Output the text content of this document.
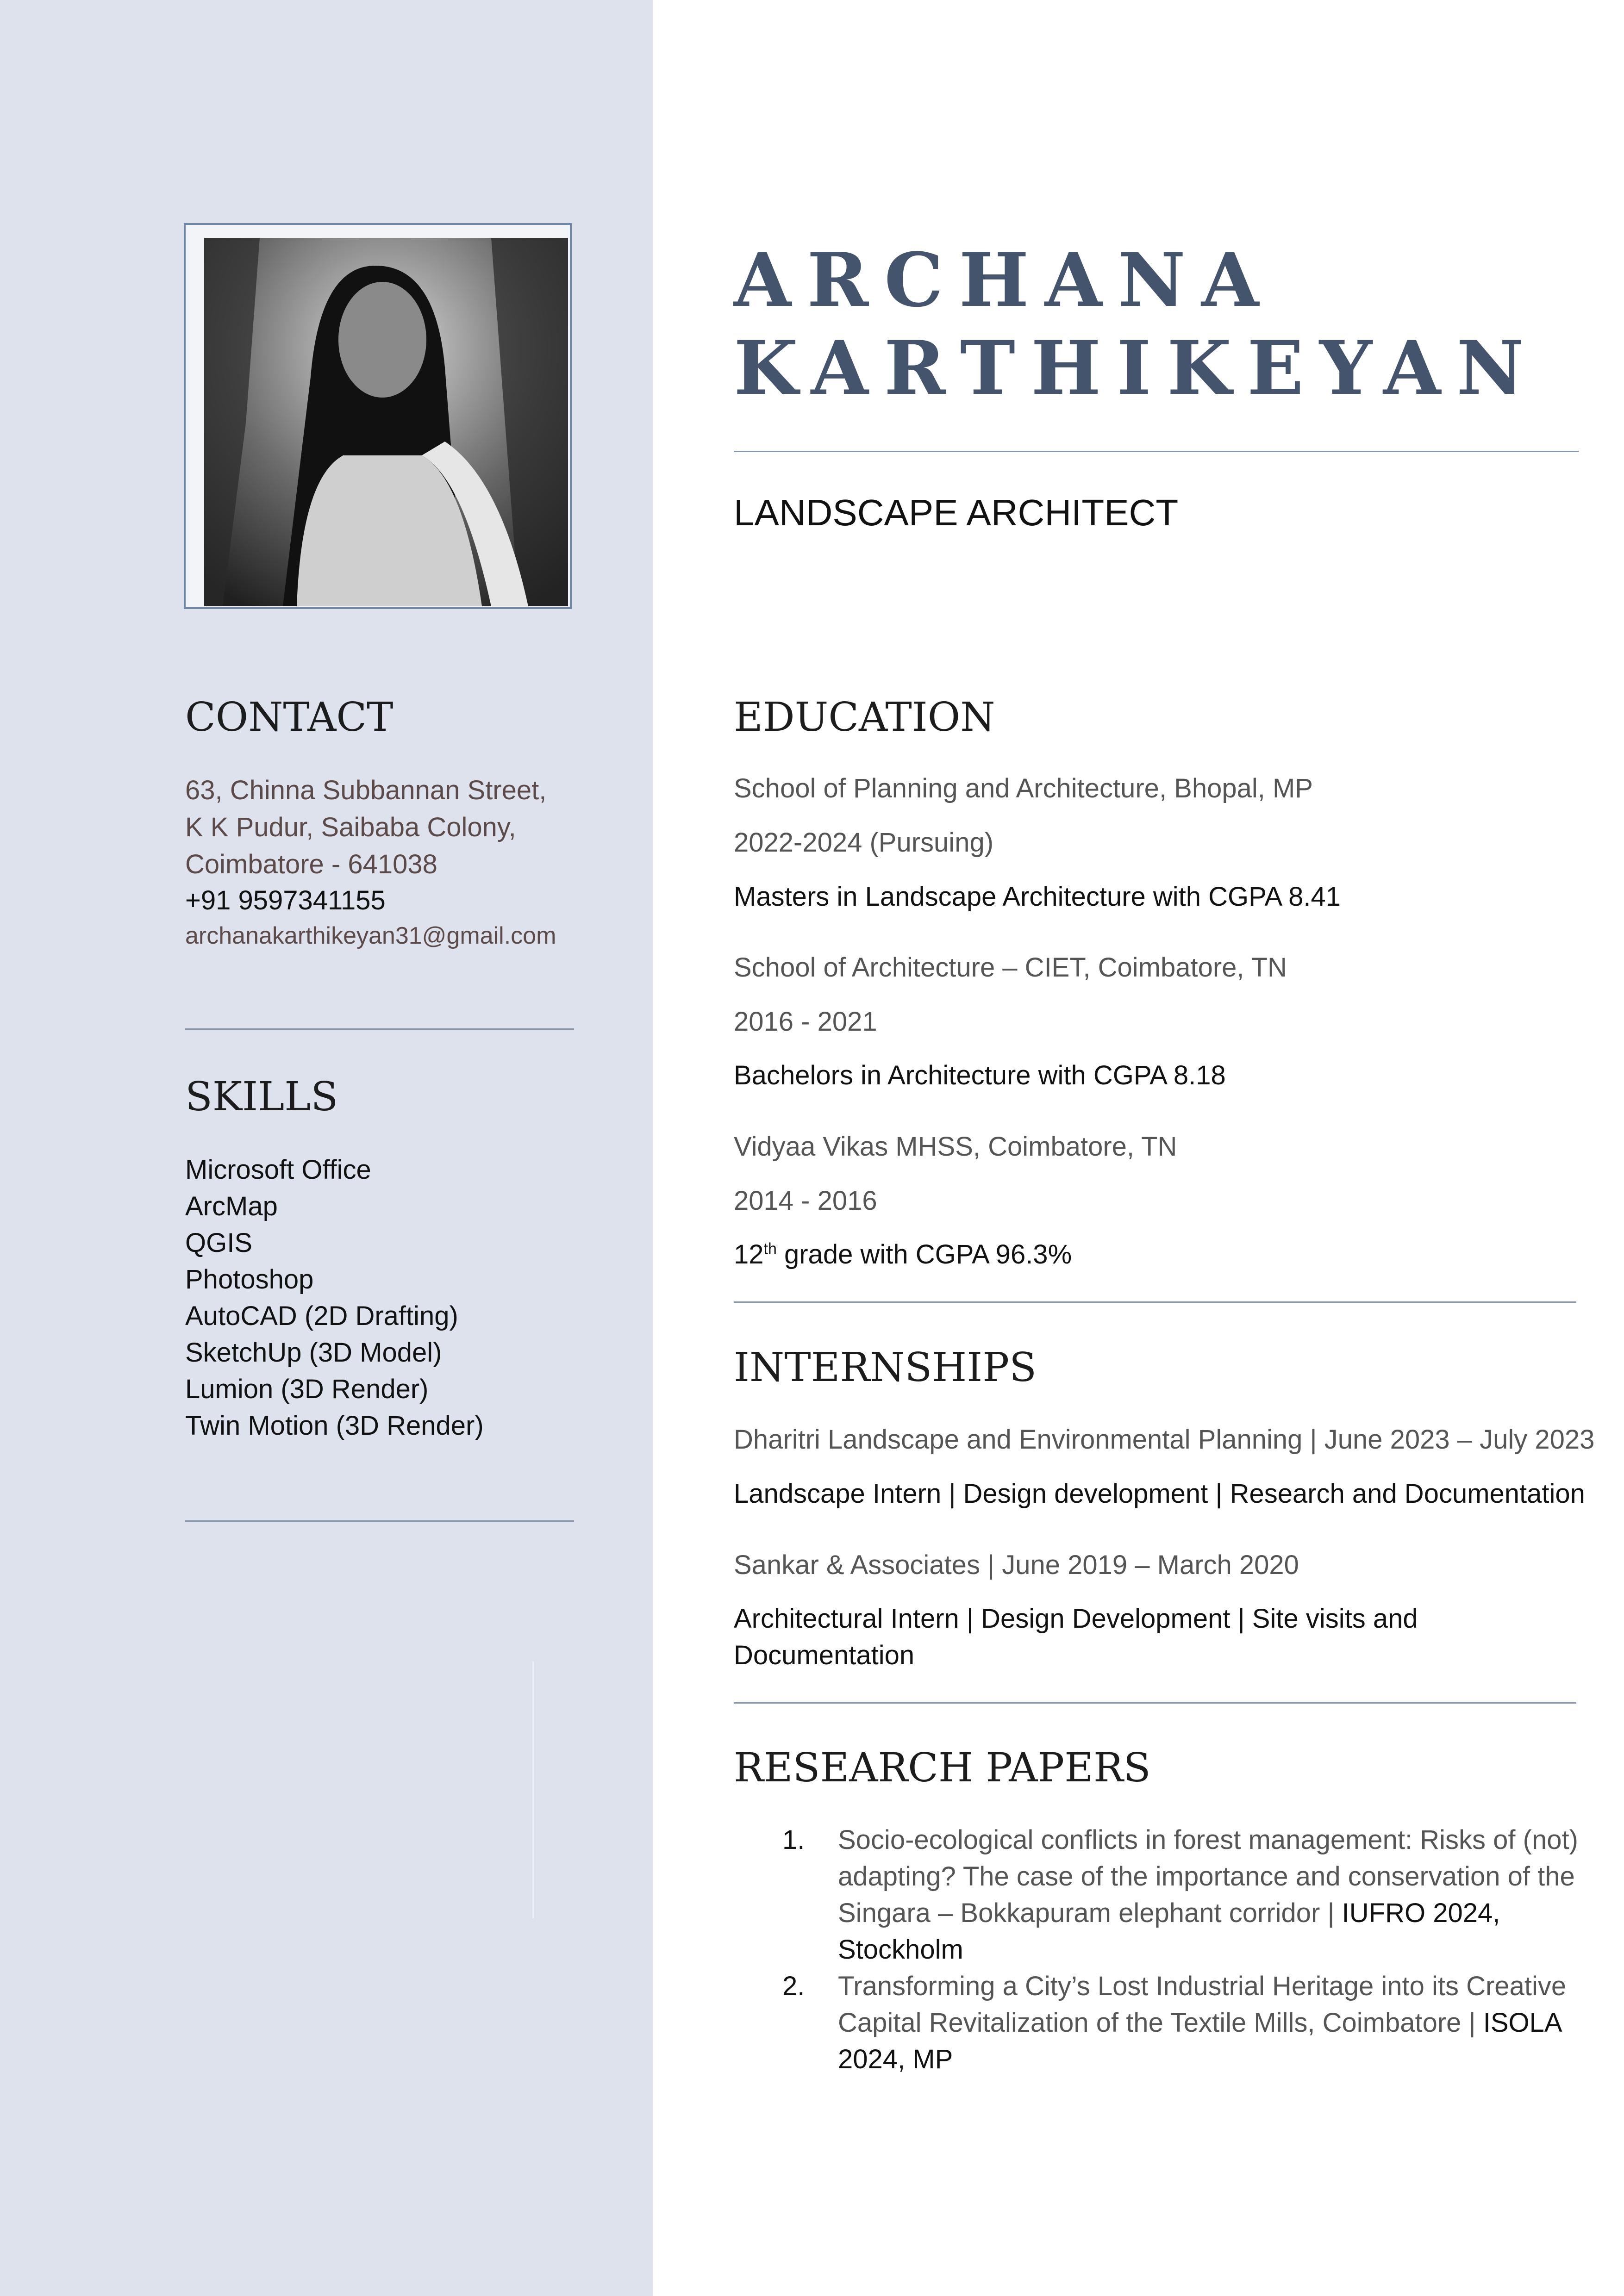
CONTACT
63, Chinna Subbannan Street,
K K Pudur, Saibaba Colony,
Coimbatore - 641038
+91 9597341155
archanakarthikeyan31@gmail.com
SKILLS
Microsoft Office
ArcMap
QGIS
Photoshop
AutoCAD (2D Drafting)
SketchUp (3D Model)
Lumion (3D Render)
Twin Motion (3D Render)
ARCHANA
KARTHIKEYAN
LANDSCAPE ARCHITECT
EDUCATION
School of Planning and Architecture, Bhopal, MP
2022-2024 (Pursuing)
Masters in Landscape Architecture with CGPA 8.41
School of Architecture – CIET, Coimbatore, TN
2016 - 2021
Bachelors in Architecture with CGPA 8.18
Vidyaa Vikas MHSS, Coimbatore, TN
2014 - 2016
12th grade with CGPA 96.3%
INTERNSHIPS
Dharitri Landscape and Environmental Planning | June 2023 – July 2023
Landscape Intern | Design development | Research and Documentation
Sankar & Associates | June 2019 – March 2020
Architectural Intern | Design Development | Site visits and
Documentation
RESEARCH PAPERS
1. Socio-ecological conflicts in forest management: Risks of (not)
adapting? The case of the importance and conservation of the
Singara – Bokkapuram elephant corridor | IUFRO 2024,
Stockholm
2. Transforming a City’s Lost Industrial Heritage into its Creative
Capital Revitalization of the Textile Mills, Coimbatore | ISOLA
2024, MP
